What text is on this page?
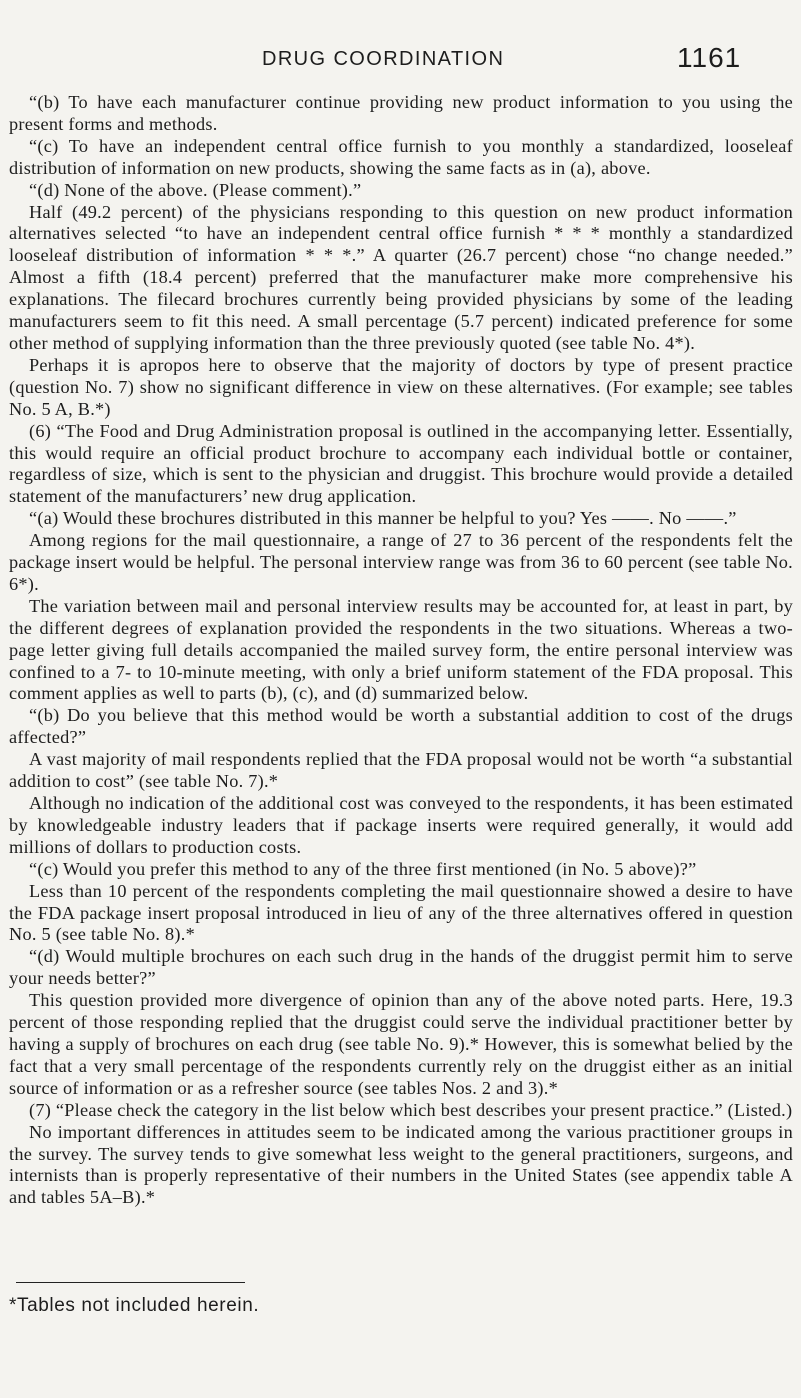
DRUG COORDINATION	1161

“(b) To have each manufacturer continue providing new product information to you using the present forms and methods.

“(c) To have an independent central office furnish to you monthly a standardized, looseleaf distribution of information on new products, showing the same facts as in (a), above.

“(d) None of the above. (Please comment).”

Half (49.2 percent) of the physicians responding to this question on new product information alternatives selected “to have an independent central office furnish * * * monthly a standardized looseleaf distribution of information * * *.” A quarter (26.7 percent) chose “no change needed.” Almost a fifth (18.4 percent) preferred that the manufacturer make more comprehensive his explanations. The filecard brochures currently being provided physicians by some of the leading manufacturers seem to fit this need. A small percentage (5.7 percent) indicated preference for some other method of supplying information than the three previously quoted (see table No. 4*).

Perhaps it is apropos here to observe that the majority of doctors by type of present practice (question No. 7) show no significant difference in view on these alternatives. (For example; see tables No. 5 A, B.*)

(6) “The Food and Drug Administration proposal is outlined in the accompanying letter. Essentially, this would require an official product brochure to accompany each individual bottle or container, regardless of size, which is sent to the physician and druggist. This brochure would provide a detailed statement of the manufacturers’ new drug application.

“(a) Would these brochures distributed in this manner be helpful to you? Yes ——. No ——.”

Among regions for the mail questionnaire, a range of 27 to 36 percent of the respondents felt the package insert would be helpful. The personal interview range was from 36 to 60 percent (see table No. 6*).

The variation between mail and personal interview results may be accounted for, at least in part, by the different degrees of explanation provided the respondents in the two situations. Whereas a two-page letter giving full details accompanied the mailed survey form, the entire personal interview was confined to a 7- to 10-minute meeting, with only a brief uniform statement of the FDA proposal. This comment applies as well to parts (b), (c), and (d) summarized below.

“(b) Do you believe that this method would be worth a substantial addition to cost of the drugs affected?”

A vast majority of mail respondents replied that the FDA proposal would not be worth “a substantial addition to cost” (see table No. 7).*

Although no indication of the additional cost was conveyed to the respondents, it has been estimated by knowledgeable industry leaders that if package inserts were required generally, it would add millions of dollars to production costs.

“(c) Would you prefer this method to any of the three first mentioned (in No. 5 above)?”

Less than 10 percent of the respondents completing the mail questionnaire showed a desire to have the FDA package insert proposal introduced in lieu of any of the three alternatives offered in question No. 5 (see table No. 8).*

“(d) Would multiple brochures on each such drug in the hands of the druggist permit him to serve your needs better?”

This question provided more divergence of opinion than any of the above noted parts. Here, 19.3 percent of those responding replied that the druggist could serve the individual practitioner better by having a supply of brochures on each drug (see table No. 9).* However, this is somewhat belied by the fact that a very small percentage of the respondents currently rely on the druggist either as an initial source of information or as a refresher source (see tables Nos. 2 and 3).*

(7) “Please check the category in the list below which best describes your present practice.” (Listed.)

No important differences in attitudes seem to be indicated among the various practitioner groups in the survey. The survey tends to give somewhat less weight to the general practitioners, surgeons, and internists than is properly representative of their numbers in the United States (see appendix table A and tables 5A–B).*

*Tables not included herein.
